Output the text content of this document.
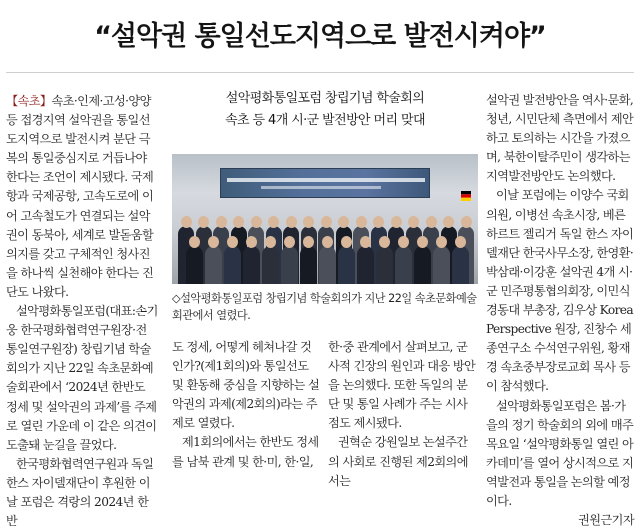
“설악권 통일선도지역으로 발전시켜야”

【속초】속초·인제·고성·양양 등 접경지역 설악권을 통일선도지역으로 발전시켜 분단 극복의 통일중심지로 거듭나야 한다는 조언이 제시됐다. 국제항과 국제공항, 고속도로에 이어 고속철도가 연결되는 설악권이 동북아, 세계로 발돋움할 의지를 갖고 구체적인 청사진을 하나씩 실천해야 한다는 진단도 나왔다.

설악평화통일포럼(대표:손기웅 한국평화협력연구원장·전 통일연구원장) 창립기념 학술회의가 지난 22일 속초문화예술회관에서 ‘2024년 한반도 정세 및 설악권의 과제’를 주제로 열린 가운데 이 같은 의견이 도출돼 눈길을 끌었다.

한국평화협력연구원과 독일 한스 자이델재단이 후원한 이날 포럼은 격랑의 2024년 한반

설악평화통일포럼 창립기념 학술회의
속초 등 4개 시·군 발전방안 머리 맞대
◇설악평화통일포럼 창립기념 학술회의가 지난 22일 속초문화예술회관에서 열렸다.

도 정세, 어떻게 헤쳐나갈 것인가?(제1회의)와 통일선도 및 환동해 중심을 지향하는 설악권의 과제(제2회의)라는 주제로 열렸다.

제1회의에서는 한반도 정세를 남북 관계 및 한·미, 한·일,

한·중 관계에서 살펴보고, 군사적 긴장의 원인과 대응 방안을 논의했다. 또한 독일의 분단 및 통일 사례가 주는 시사점도 제시됐다.

권혁순 강원일보 논설주간의 사회로 진행된 제2회의에서는

설악권 발전방안을 역사·문화, 청년, 시민단체 측면에서 제안하고 토의하는 시간을 가졌으며, 북한이탈주민이 생각하는 지역발전방안도 논의했다.

이날 포럼에는 이양수 국회의원, 이병선 속초시장, 베른하르트 젤리거 독일 한스 자이델재단 한국사무소장, 한영환·박삼래·이강훈 설악권 4개 시·군 민주평통협의회장, 이민식 경동대 부총장, 김우상 Korea Perspective 원장, 진창수 세종연구소 수석연구위원, 황재경 속초중부장로교회 목사 등이 참석했다.

설악평화통일포럼은 봄·가을의 정기 학술회의 외에 매주 목요일 ‘설악평화통일 열린 아카데미’를 열어 상시적으로 지역발전과 통일을 논의할 예정이다.

권원근기자
